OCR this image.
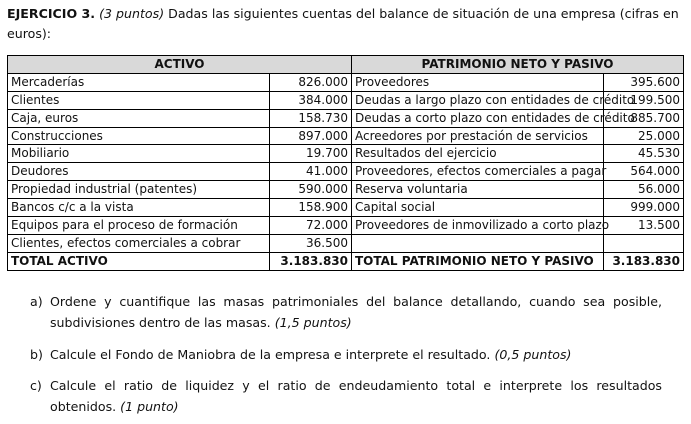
EJERCICIO 3. (3 puntos) Dadas las siguientes cuentas del balance de situación de una empresa (cifras en euros):
ACTIVO		PATRIMONIO NETO Y PASIVO	
Mercaderías	826.000	Proveedores	395.600
Clientes	384.000	Deudas a largo plazo con entidades de crédito	199.500
Caja, euros	158.730	Deudas a corto plazo con entidades de crédito	885.700
Construcciones	897.000	Acreedores por prestación de servicios	25.000
Mobiliario	19.700	Resultados del ejercicio	45.530
Deudores	41.000	Proveedores, efectos comerciales a pagar	564.000
Propiedad industrial (patentes)	590.000	Reserva voluntaria	56.000
Bancos c/c a la vista	158.900	Capital social	999.000
Equipos para el proceso de formación	72.000	Proveedores de inmovilizado a corto plazo	13.500
Clientes, efectos comerciales a cobrar	36.500		
TOTAL ACTIVO	3.183.830	TOTAL PATRIMONIO NETO Y PASIVO	3.183.830
a) Ordene y cuantifique las masas patrimoniales del balance detallando, cuando sea posible, subdivisiones dentro de las masas. (1,5 puntos)
b) Calcule el Fondo de Maniobra de la empresa e interprete el resultado. (0,5 puntos)
c) Calcule el ratio de liquidez y el ratio de endeudamiento total e interprete los resultados obtenidos. (1 punto)
